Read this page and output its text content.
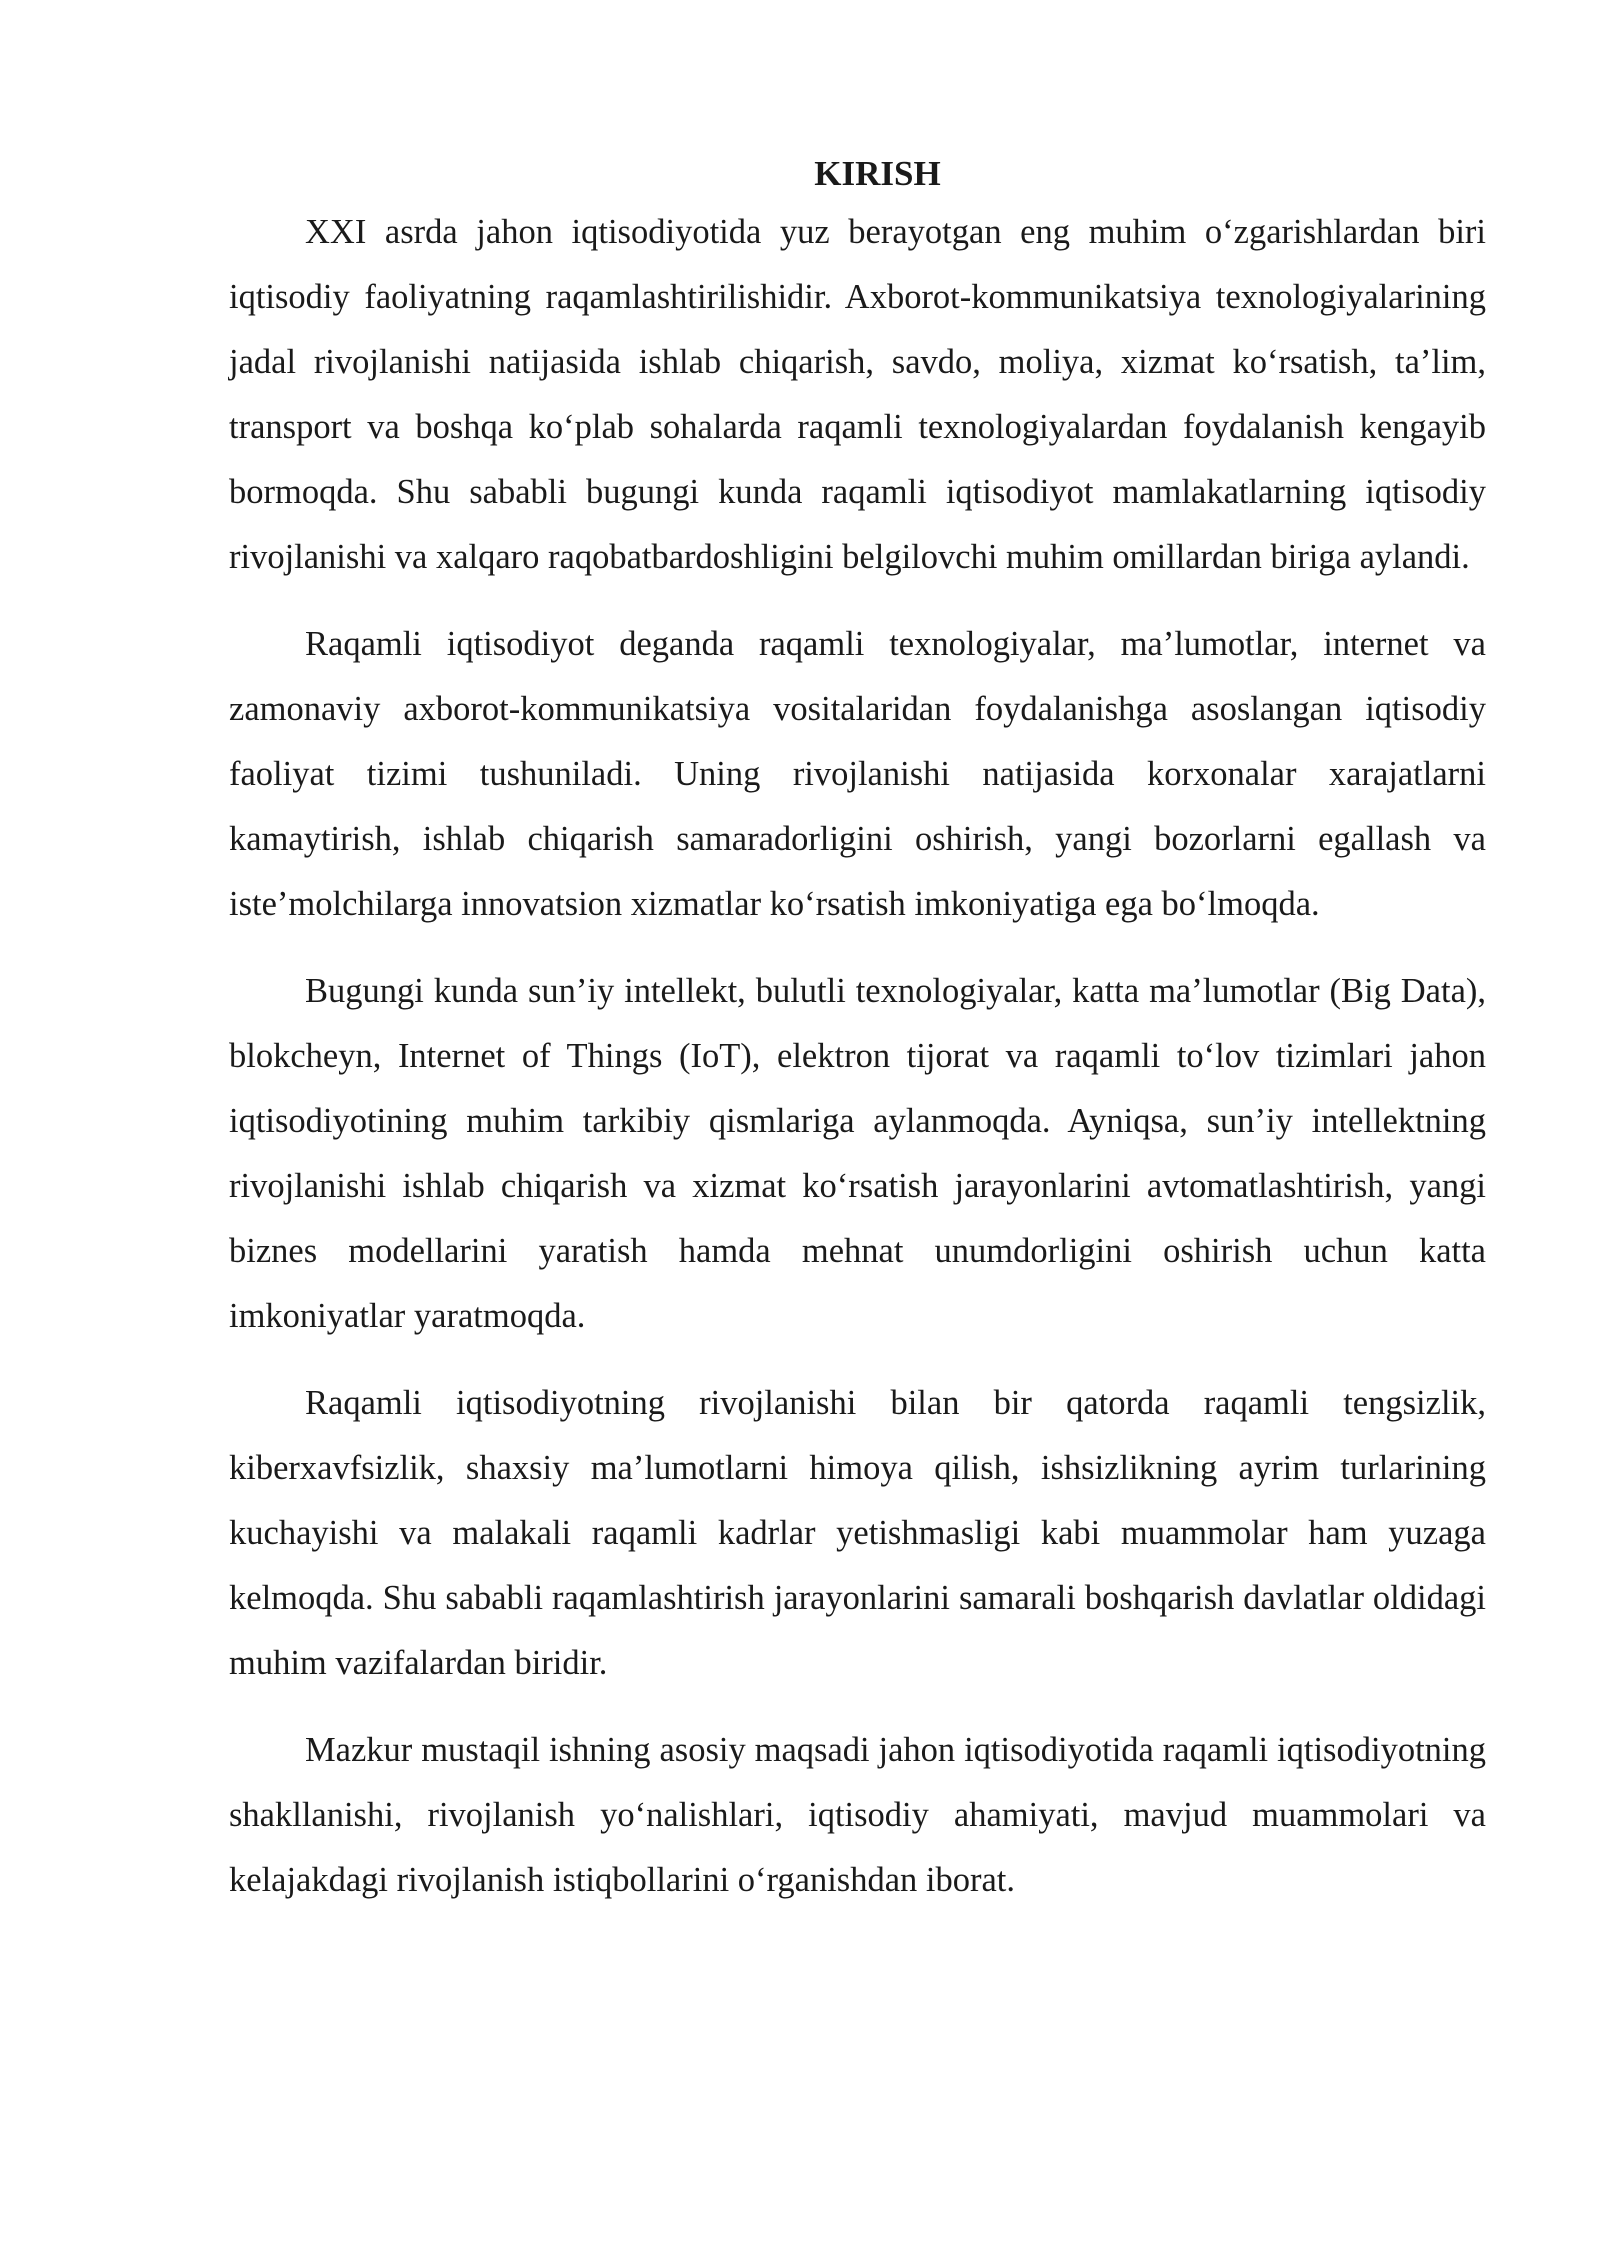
KIRISH

XXI asrda jahon iqtisodiyotida yuz berayotgan eng muhim o‘zgarishlardan biri iqtisodiy faoliyatning raqamlashtirilishidir. Axborot-kommunikatsiya texnologiyalarining jadal rivojlanishi natijasida ishlab chiqarish, savdo, moliya, xizmat ko‘rsatish, ta’lim, transport va boshqa ko‘plab sohalarda raqamli texnologiyalardan foydalanish kengayib bormoqda. Shu sababli bugungi kunda raqamli iqtisodiyot mamlakatlarning iqtisodiy rivojlanishi va xalqaro raqobatbardoshligini belgilovchi muhim omillardan biriga aylandi.

Raqamli iqtisodiyot deganda raqamli texnologiyalar, ma’lumotlar, internet va zamonaviy axborot-kommunikatsiya vositalaridan foydalanishga asoslangan iqtisodiy faoliyat tizimi tushuniladi. Uning rivojlanishi natijasida korxonalar xarajatlarni kamaytirish, ishlab chiqarish samaradorligini oshirish, yangi bozorlarni egallash va iste’molchilarga innovatsion xizmatlar ko‘rsatish imkoniyatiga ega bo‘lmoqda.

Bugungi kunda sun’iy intellekt, bulutli texnologiyalar, katta ma’lumotlar (Big Data), blokcheyn, Internet of Things (IoT), elektron tijorat va raqamli to‘lov tizimlari jahon iqtisodiyotining muhim tarkibiy qismlariga aylanmoqda. Ayniqsa, sun’iy intellektning rivojlanishi ishlab chiqarish va xizmat ko‘rsatish jarayonlarini avtomatlashtirish, yangi biznes modellarini yaratish hamda mehnat unumdorligini oshirish uchun katta imkoniyatlar yaratmoqda.

Raqamli iqtisodiyotning rivojlanishi bilan bir qatorda raqamli tengsizlik, kiberxavfsizlik, shaxsiy ma’lumotlarni himoya qilish, ishsizlikning ayrim turlarining kuchayishi va malakali raqamli kadrlar yetishmasligi kabi muammolar ham yuzaga kelmoqda. Shu sababli raqamlashtirish jarayonlarini samarali boshqarish davlatlar oldidagi muhim vazifalardan biridir.

Mazkur mustaqil ishning asosiy maqsadi jahon iqtisodiyotida raqamli iqtisodiyotning shakllanishi, rivojlanish yo‘nalishlari, iqtisodiy ahamiyati, mavjud muammolari va kelajakdagi rivojlanish istiqbollarini o‘rganishdan iborat.
